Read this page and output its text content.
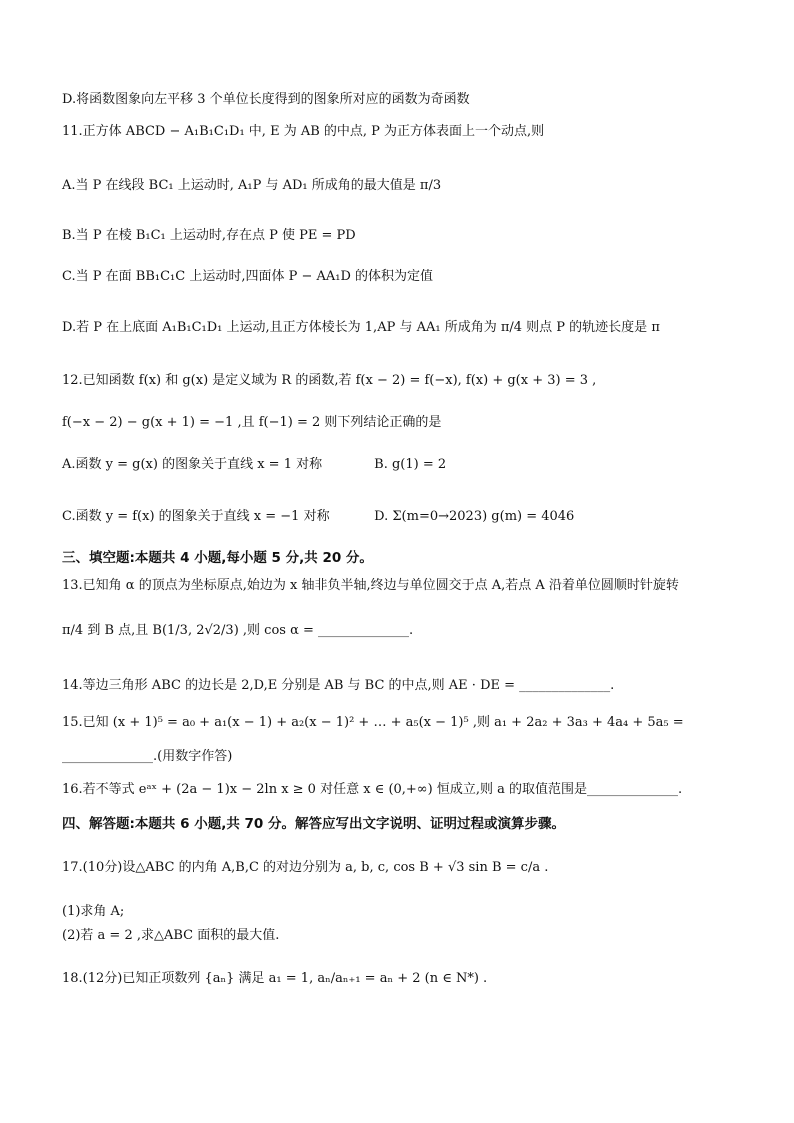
D.将函数图象向左平移 3 个单位长度得到的图象所对应的函数为奇函数
11.正方体 ABCD − A₁B₁C₁D₁ 中, E 为 AB 的中点, P 为正方体表面上一个动点,则
A.当 P 在线段 BC₁ 上运动时, A₁P 与 AD₁ 所成角的最大值是 π/3
B.当 P 在棱 B₁C₁ 上运动时,存在点 P 使 PE = PD
C.当 P 在面 BB₁C₁C 上运动时,四面体 P − AA₁D 的体积为定值
D.若 P 在上底面 A₁B₁C₁D₁ 上运动,且正方体棱长为 1,AP 与 AA₁ 所成角为 π/4 则点 P 的轨迹长度是 π
12.已知函数 f(x) 和 g(x) 是定义域为 R 的函数,若 f(x − 2) = f(−x), f(x) + g(x + 3) = 3 ,
f(−x − 2) − g(x + 1) = −1 ,且 f(−1) = 2 则下列结论正确的是
A.函数 y = g(x) 的图象关于直线 x = 1 对称	B. g(1) = 2
C.函数 y = f(x) 的图象关于直线 x = −1 对称	D. Σ(m=0→2023) g(m) = 4046
三、填空题:本题共 4 小题,每小题 5 分,共 20 分。
13.已知角 α 的顶点为坐标原点,始边为 x 轴非负半轴,终边与单位圆交于点 A,若点 A 沿着单位圆顺时针旋转
π/4 到 B 点,且 B(1/3, 2√2/3) ,则 cos α = ______________.
14.等边三角形 ABC 的边长是 2,D,E 分别是 AB 与 BC 的中点,则 AE · DE = ______________.
15.已知 (x + 1)⁵ = a₀ + a₁(x − 1) + a₂(x − 1)² + … + a₅(x − 1)⁵ ,则 a₁ + 2a₂ + 3a₃ + 4a₄ + 5a₅ =
______________.(用数字作答)
16.若不等式 eᵃˣ + (2a − 1)x − 2ln x ≥ 0 对任意 x ∈ (0,+∞) 恒成立,则 a 的取值范围是______________.
四、解答题:本题共 6 小题,共 70 分。解答应写出文字说明、证明过程或演算步骤。
17.(10分)设△ABC 的内角 A,B,C 的对边分别为 a, b, c, cos B + √3 sin B = c/a .
(1)求角 A;
(2)若 a = 2 ,求△ABC 面积的最大值.
18.(12分)已知正项数列 {aₙ} 满足 a₁ = 1, aₙ/aₙ₊₁ = aₙ + 2 (n ∈ N*) .
